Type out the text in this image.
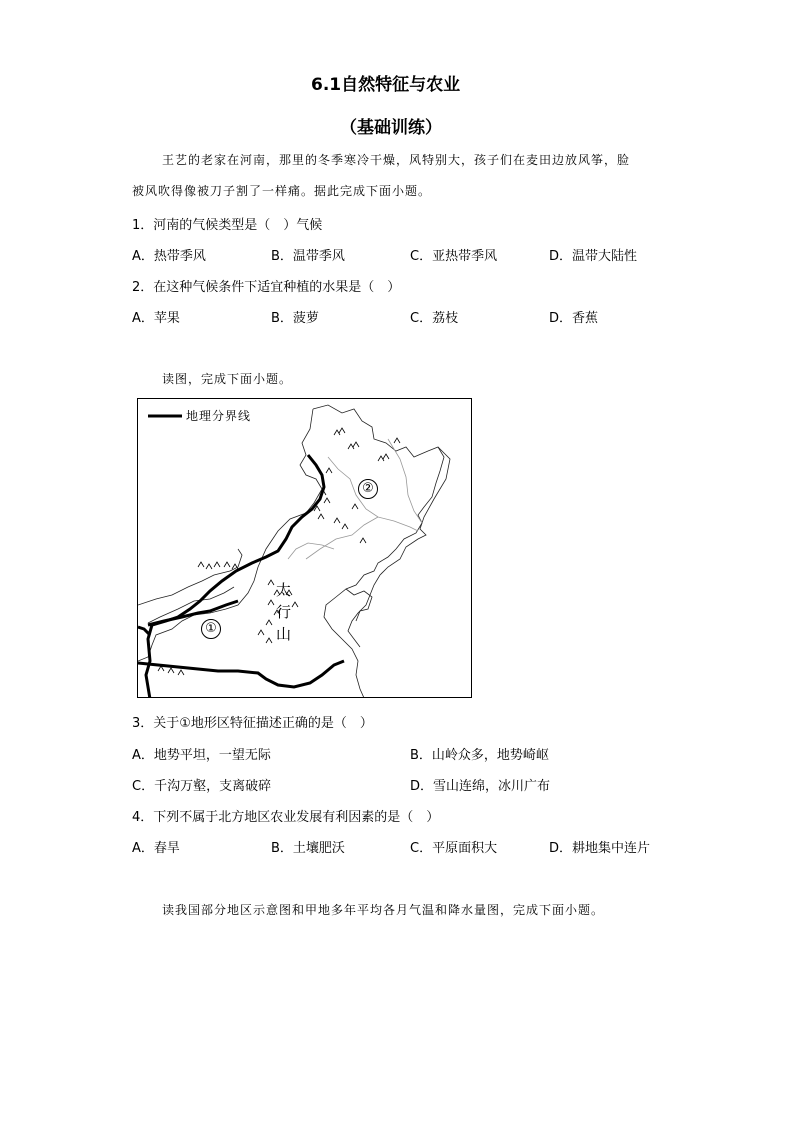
6.1自然特征与农业
（基础训练）
王艺的老家在河南，那里的冬季寒冷干燥，风特别大，孩子们在麦田边放风筝，脸
被风吹得像被刀子割了一样痛。据此完成下面小题。
1．河南的气候类型是（　）气候
A．热带季风	B．温带季风	C．亚热带季风	D．温带大陆性
2．在这种气候条件下适宜种植的水果是（　）
A．苹果	B．菠萝	C．荔枝	D．香蕉
读图，完成下面小题。
地理分界线
①
②
太
行
山
3．关于①地形区特征描述正确的是（　）
A．地势平坦，一望无际	B．山岭众多，地势崎岖
C．千沟万壑，支离破碎	D．雪山连绵，冰川广布
4．下列不属于北方地区农业发展有利因素的是（　）
A．春旱	B．土壤肥沃	C．平原面积大	D．耕地集中连片
读我国部分地区示意图和甲地多年平均各月气温和降水量图，完成下面小题。
